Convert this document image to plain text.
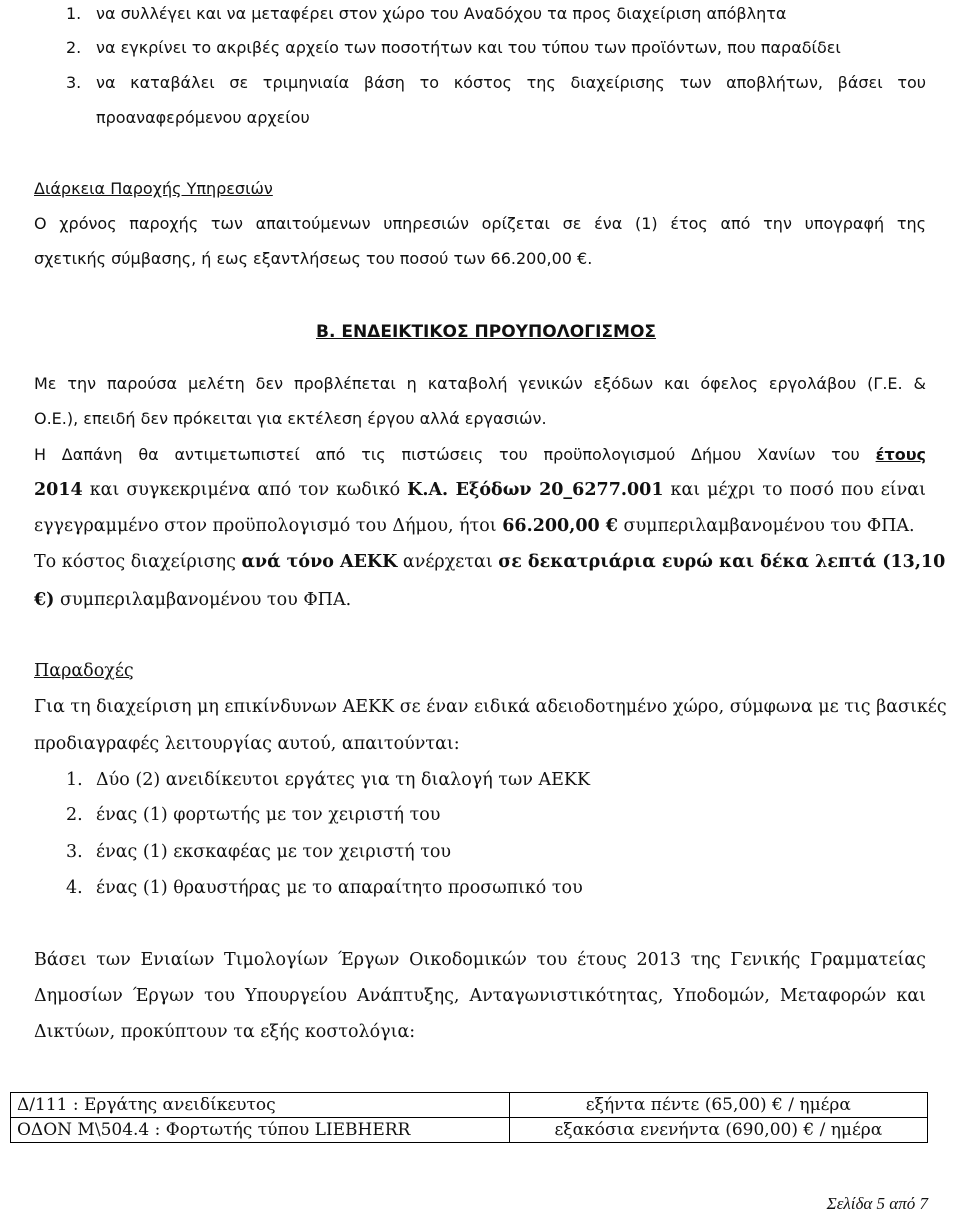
1. να συλλέγει και να μεταφέρει στον χώρο του Αναδόχου τα προς διαχείριση απόβλητα
2. να εγκρίνει το ακριβές αρχείο των ποσοτήτων και του τύπου των προϊόντων, που παραδίδει
3. να καταβάλει σε τριμηνιαία βάση το κόστος της διαχείρισης των αποβλήτων, βάσει του
προαναφερόμενου αρχείου
Διάρκεια Παροχής Υπηρεσιών
Ο χρόνος παροχής των απαιτούμενων υπηρεσιών ορίζεται σε ένα (1) έτος από την υπογραφή της
σχετικής σύμβασης, ή εως εξαντλήσεως του ποσού των 66.200,00 €.
Β. ΕΝΔΕΙΚΤΙΚΟΣ ΠΡΟΥΠΟΛΟΓΙΣΜΟΣ
Με την παρούσα μελέτη δεν προβλέπεται η καταβολή γενικών εξόδων και όφελος εργολάβου (Γ.Ε. &
Ο.Ε.), επειδή δεν πρόκειται για εκτέλεση έργου αλλά εργασιών.
Η Δαπάνη θα αντιμετωπιστεί από τις πιστώσεις του προϋπολογισμού Δήμου Χανίων του έτους
2014 και συγκεκριμένα από τον κωδικό Κ.Α. Εξόδων 20_6277.001 και μέχρι το ποσό που είναι
εγγεγραμμένο στον προϋπολογισμό του Δήμου, ήτοι 66.200,00 € συμπεριλαμβανομένου του ΦΠΑ.
Το κόστος διαχείρισης ανά τόνο ΑΕΚΚ ανέρχεται σε δεκατριάρια ευρώ και δέκα λεπτά (13,10
€) συμπεριλαμβανομένου του ΦΠΑ.
Παραδοχές
Για τη διαχείριση μη επικίνδυνων ΑΕΚΚ σε έναν ειδικά αδειοδοτημένο χώρο, σύμφωνα με τις βασικές
προδιαγραφές λειτουργίας αυτού, απαιτούνται:
1. Δύο (2) ανειδίκευτοι εργάτες για τη διαλογή των ΑΕΚΚ
2. ένας (1) φορτωτής με τον χειριστή του
3. ένας (1) εκσκαφέας με τον χειριστή του
4. ένας (1) θραυστήρας με το απαραίτητο προσωπικό του
Βάσει των Ενιαίων Τιμολογίων Έργων Οικοδομικών του έτους 2013 της Γενικής Γραμματείας
Δημοσίων Έργων του Υπουργείου Ανάπτυξης, Ανταγωνιστικότητας, Υποδομών, Μεταφορών και
Δικτύων, προκύπτουν τα εξής κοστολόγια:
Δ/111 : Εργάτης ανειδίκευτος	εξήντα πέντε (65,00) € / ημέρα
ΟΔΟΝ Μ\504.4 : Φορτωτής τύπου LIEBHERR	εξακόσια ενενήντα (690,00) € / ημέρα
Σελίδα 5 από 7
